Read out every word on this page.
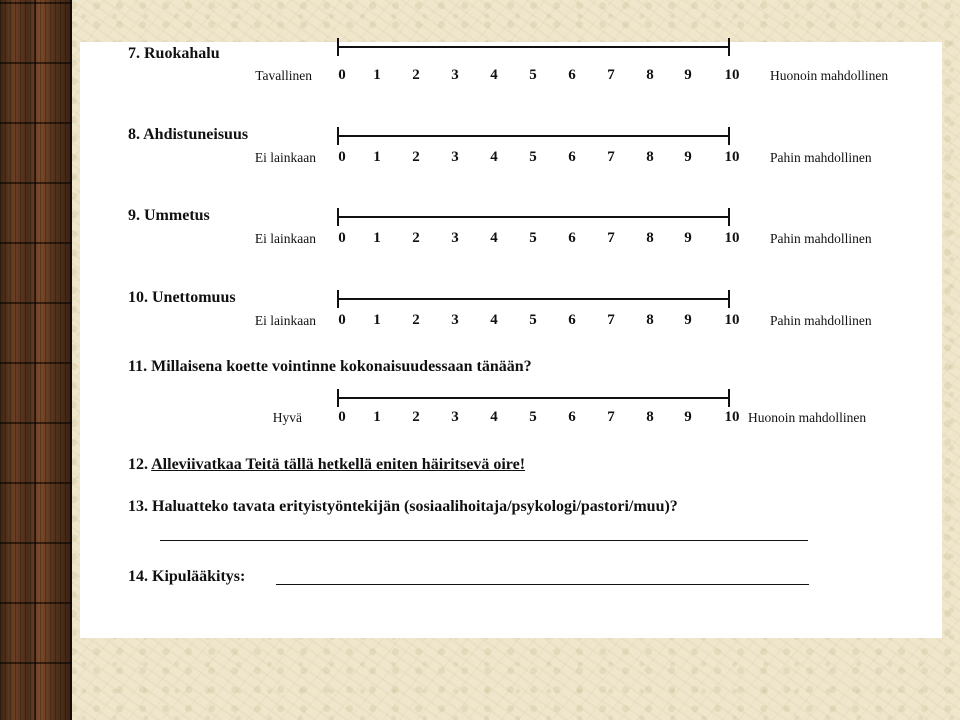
7. Ruokahalu
Tavallinen 0 1 2 3 4 5 6 7 8 9 10 Huonoin mahdollinen
8. Ahdistuneisuus
Ei lainkaan 0 1 2 3 4 5 6 7 8 9 10 Pahin mahdollinen
9. Ummetus
Ei lainkaan 0 1 2 3 4 5 6 7 8 9 10 Pahin mahdollinen
10. Unettomuus
Ei lainkaan 0 1 2 3 4 5 6 7 8 9 10 Pahin mahdollinen
11. Millaisena koette vointinne kokonaisuudessaan tänään?
Hyvä 0 1 2 3 4 5 6 7 8 9 10 Huonoin mahdollinen
12. Alleviivatkaa Teitä tällä hetkellä eniten häiritsevä oire!
13. Haluatteko tavata erityistyöntekijän (sosiaalihoitaja/psykologi/pastori/muu)?
14. Kipulääkitys:
